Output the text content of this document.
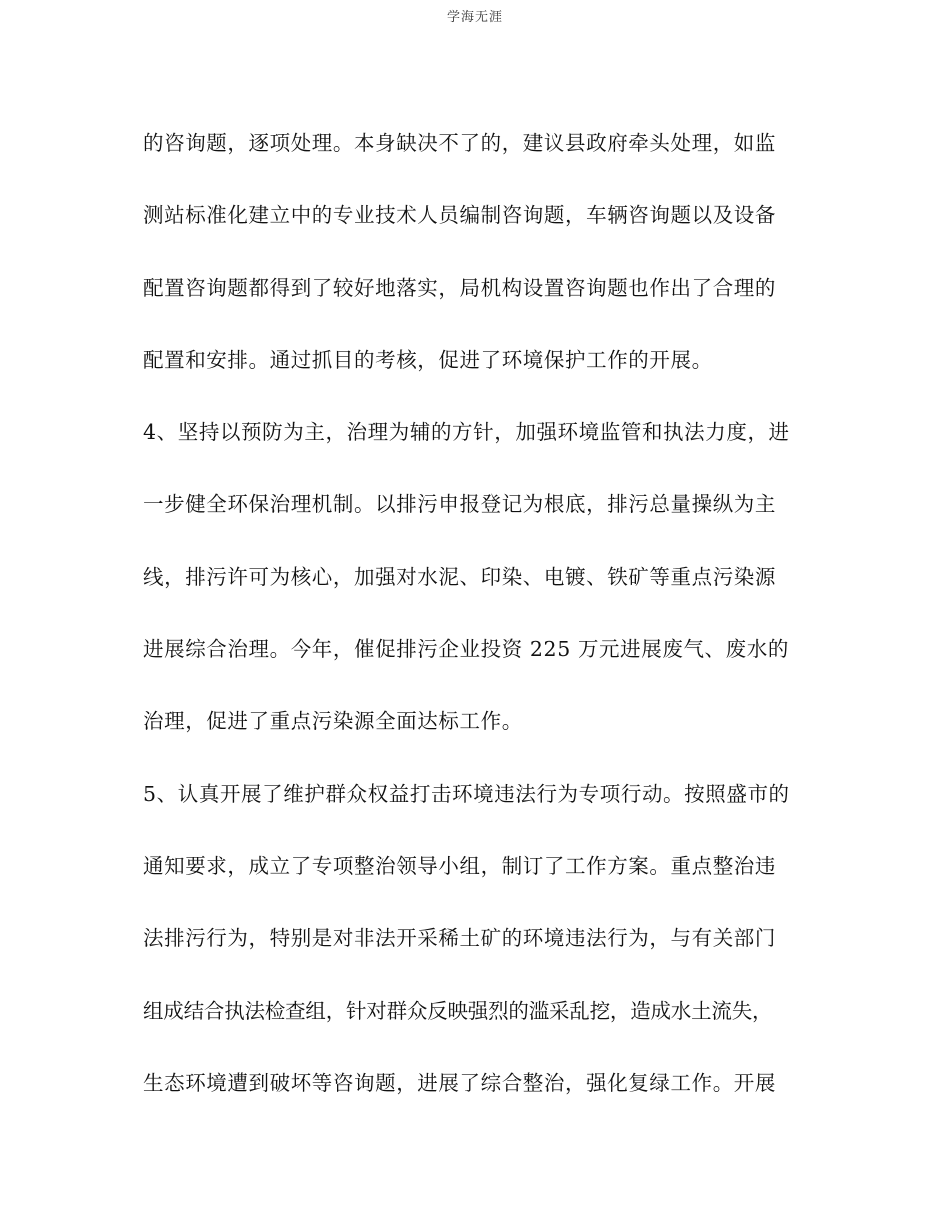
学海无涯
的咨询题，逐项处理。本身缺决不了的，建议县政府牵头处理，如监
测站标准化建立中的专业技术人员编制咨询题，车辆咨询题以及设备
配置咨询题都得到了较好地落实，局机构设置咨询题也作出了合理的
配置和安排。通过抓目的考核，促进了环境保护工作的开展。
4、坚持以预防为主，治理为辅的方针，加强环境监管和执法力度，进
一步健全环保治理机制。以排污申报登记为根底，排污总量操纵为主
线，排污许可为核心，加强对水泥、印染、电镀、铁矿等重点污染源
进展综合治理。今年，催促排污企业投资 225 万元进展废气、废水的
治理，促进了重点污染源全面达标工作。
5、认真开展了维护群众权益打击环境违法行为专项行动。按照盛市的
通知要求，成立了专项整治领导小组，制订了工作方案。重点整治违
法排污行为，特别是对非法开采稀土矿的环境违法行为，与有关部门
组成结合执法检查组，针对群众反映强烈的滥采乱挖，造成水土流失，
生态环境遭到破坏等咨询题，进展了综合整治，强化复绿工作。开展
